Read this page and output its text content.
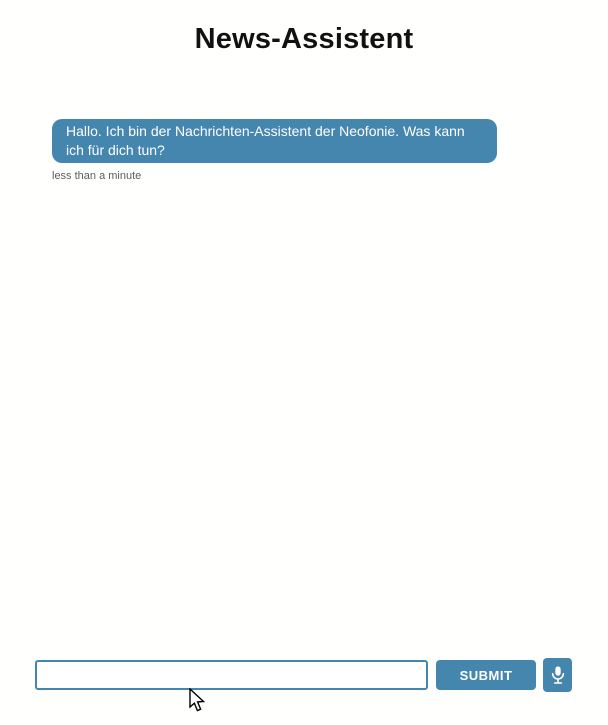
News-Assistent
Hallo. Ich bin der Nachrichten-Assistent der Neofonie. Was kann ich für dich tun?
less than a minute
SUBMIT
